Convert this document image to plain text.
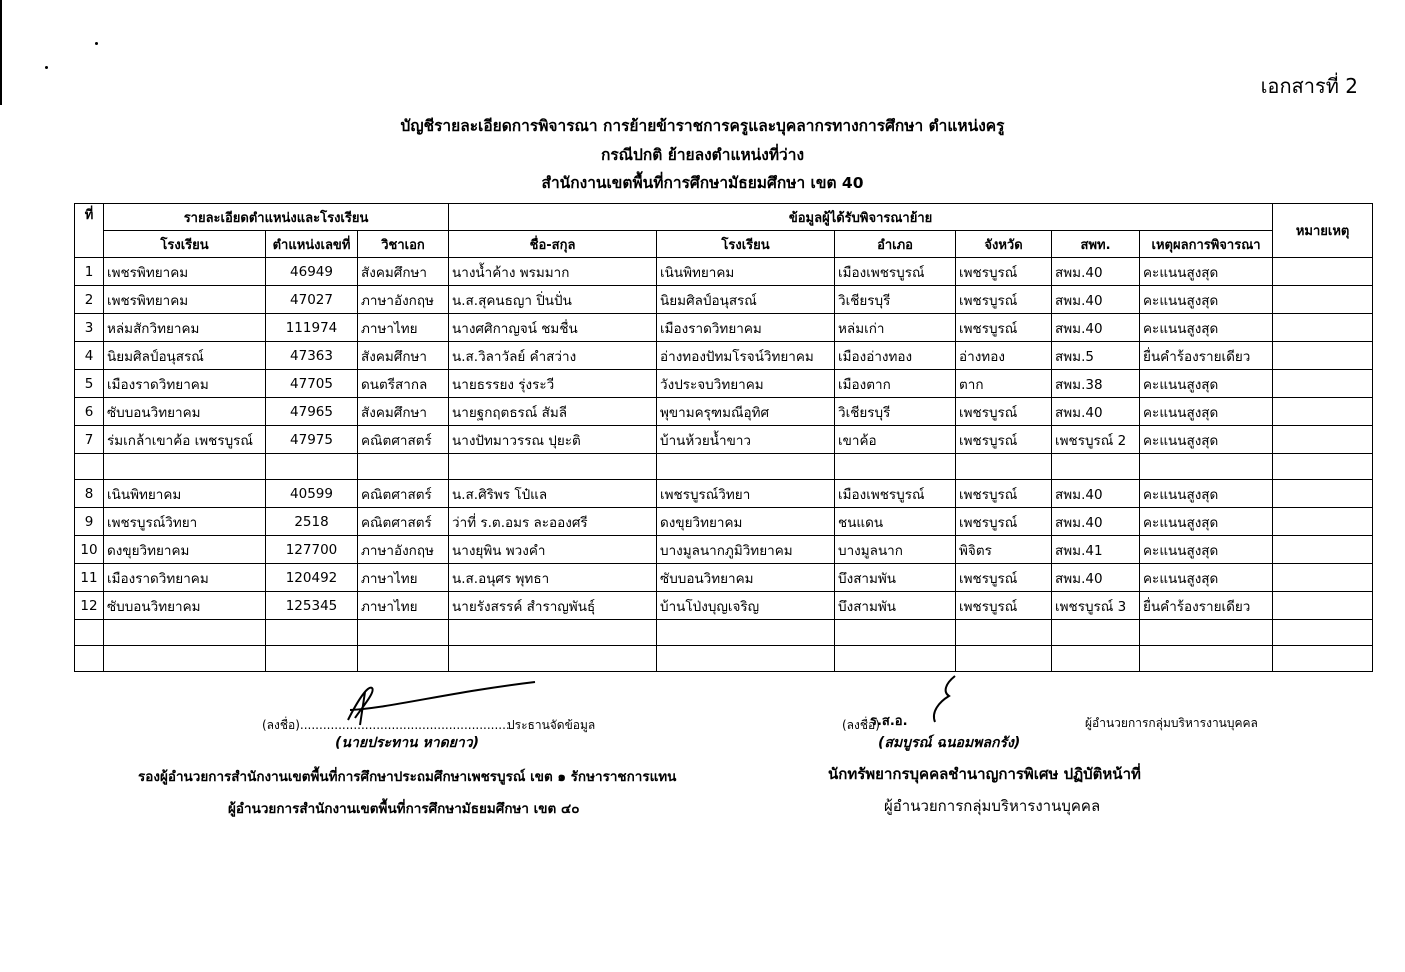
เอกสารที่ 2
บัญชีรายละเอียดการพิจารณา การย้ายข้าราชการครูและบุคลากรทางการศึกษา ตำแหน่งครู
กรณีปกติ ย้ายลงตำแหน่งที่ว่าง
สำนักงานเขตพื้นที่การศึกษามัธยมศึกษา เขต 40
ที่	รายละเอียดตำแหน่งและโรงเรียน			ข้อมูลผู้ได้รับพิจารณาย้าย						หมายเหตุ
	โรงเรียน	ตำแหน่งเลขที่	วิชาเอก	ชื่อ-สกุล	โรงเรียน	อำเภอ	จังหวัด	สพท.	เหตุผลการพิจารณา	
1	เพชรพิทยาคม	46949	สังคมศึกษา	นางน้ำค้าง พรมมาก	เนินพิทยาคม	เมืองเพชรบูรณ์	เพชรบูรณ์	สพม.40	คะแนนสูงสุด	
2	เพชรพิทยาคม	47027	ภาษาอังกฤษ	น.ส.สุคนธญา ปิ่นปั่น	นิยมศิลป์อนุสรณ์	วิเชียรบุรี	เพชรบูรณ์	สพม.40	คะแนนสูงสุด	
3	หล่มสักวิทยาคม	111974	ภาษาไทย	นางศศิกาญจน์ ชมชื่น	เมืองราดวิทยาคม	หล่มเก่า	เพชรบูรณ์	สพม.40	คะแนนสูงสุด	
4	นิยมศิลป์อนุสรณ์	47363	สังคมศึกษา	น.ส.วิลาวัลย์ คำสว่าง	อ่างทองปัทมโรจน์วิทยาคม	เมืองอ่างทอง	อ่างทอง	สพม.5	ยื่นคำร้องรายเดียว	
5	เมืองราดวิทยาคม	47705	ดนตรีสากล	นายธรรยง รุ่งระวี	วังประจบวิทยาคม	เมืองตาก	ตาก	สพม.38	คะแนนสูงสุด	
6	ซับบอนวิทยาคม	47965	สังคมศึกษา	นายฐกฤตธรณ์ สัมลี	พุขามครุฑมณีอุทิศ	วิเชียรบุรี	เพชรบูรณ์	สพม.40	คะแนนสูงสุด	
7	ร่มเกล้าเขาค้อ เพชรบูรณ์	47975	คณิตศาสตร์	นางปัทมาวรรณ ปุยะติ	บ้านห้วยน้ำขาว	เขาค้อ	เพชรบูรณ์	เพชรบูรณ์ 2	คะแนนสูงสุด	

8	เนินพิทยาคม	40599	คณิตศาสตร์	น.ส.ศิริพร โป๋แล	เพชรบูรณ์วิทยา	เมืองเพชรบูรณ์	เพชรบูรณ์	สพม.40	คะแนนสูงสุด	
9	เพชรบูรณ์วิทยา	2518	คณิตศาสตร์	ว่าที่ ร.ต.อมร ละอองศรี	ดงขุยวิทยาคม	ชนแดน	เพชรบูรณ์	สพม.40	คะแนนสูงสุด	
10	ดงขุยวิทยาคม	127700	ภาษาอังกฤษ	นางยุพิน พวงคำ	บางมูลนากภูมิวิทยาคม	บางมูลนาก	พิจิตร	สพม.41	คะแนนสูงสุด	
11	เมืองราดวิทยาคม	120492	ภาษาไทย	น.ส.อนุศร พุทธา	ซับบอนวิทยาคม	บึงสามพัน	เพชรบูรณ์	สพม.40	คะแนนสูงสุด	
12	ซับบอนวิทยาคม	125345	ภาษาไทย	นายรังสรรค์ สำราญพันธุ์	บ้านโป่งบุญเจริญ	บึงสามพัน	เพชรบูรณ์	เพชรบูรณ์ 3	ยื่นคำร้องรายเดียว	

(ลงชื่อ).......................................................
ประธานจัดข้อมูล
(นายประทาน หาดยาว)
รองผู้อำนวยการสำนักงานเขตพื้นที่การศึกษาประถมศึกษาเพชรบูรณ์ เขต ๑ รักษาราชการแทน
ผู้อำนวยการสำนักงานเขตพื้นที่การศึกษามัธยมศึกษา เขต ๔๐
(ลงชื่อ)
ร.ส.อ.	ผู้อำนวยการกลุ่มบริหารงานบุคคล
(สมบูรณ์ ฉนอมพลกรัง)
นักทรัพยากรบุคคลชำนาญการพิเศษ ปฏิบัติหน้าที่
ผู้อำนวยการกลุ่มบริหารงานบุคคล
